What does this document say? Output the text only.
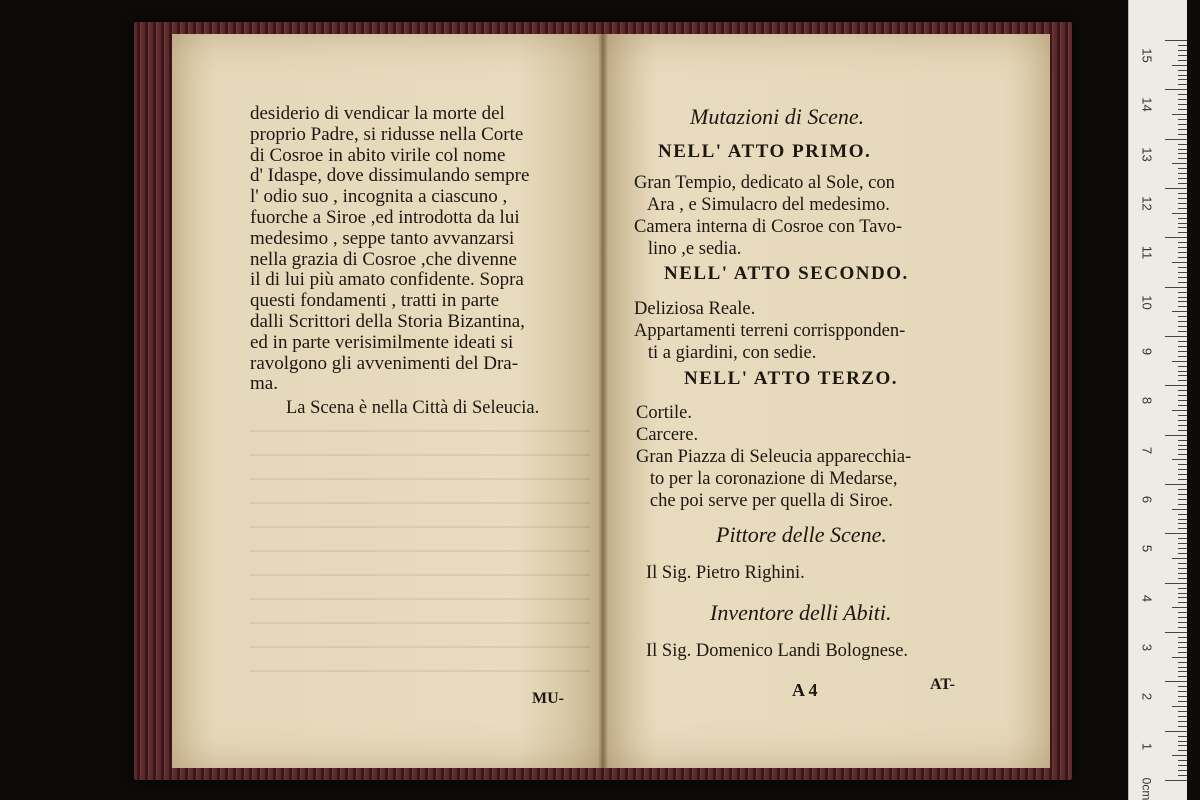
desiderio di vendicar la morte del
proprio Padre, si ridusse nella Corte
di Cosroe in abito virile col nome
d' Idaspe, dove dissimulando sempre
l' odio suo , incognita a ciascuno ,
fuorche a Siroe ,ed introdotta da lui
medesimo , seppe tanto avvanzarsi
nella grazia di Cosroe ,che divenne
il di lui più amato confidente. Sopra
questi fondamenti , tratti in parte
dalli Scrittori della Storia Bizantina,
ed in parte verisimilmente ideati si
ravolgono gli avvenimenti del Dra-
ma.
La Scena è nella Città di Seleucia.
MU-
Mutazioni di Scene.
NELL' ATTO PRIMO.
Gran Tempio, dedicato al Sole, con
Ara , e Simulacro del medesimo.
Camera interna di Cosroe con Tavo-
lino ,e sedia.
NELL' ATTO SECONDO.
Deliziosa Reale.
Appartamenti terreni corrispponden-
ti a giardini, con sedie.
NELL' ATTO TERZO.
Cortile.
Carcere.
Gran Piazza di Seleucia apparecchia-
to per la coronazione di Medarse,
che poi serve per quella di Siroe.
Pittore delle Scene.
Il Sig. Pietro Righini.
Inventore delli Abiti.
Il Sig. Domenico Landi Bolognese.
A 4	AT-
0cm
15
14
13
12
11
10
9
8
7
6
5
4
3
2
1
